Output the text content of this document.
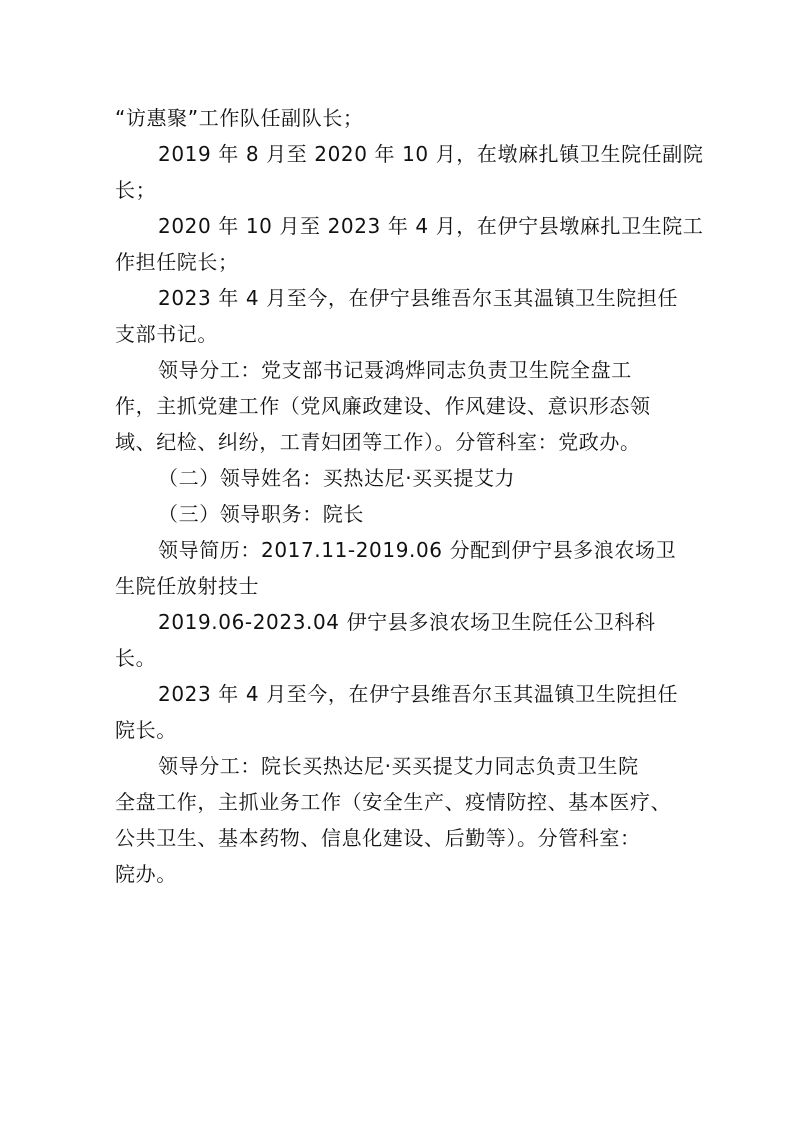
“访惠聚”工作队任副队长；
2019 年 8 月至 2020 年 10 月，在墩麻扎镇卫生院任副院
长；
2020 年 10 月至 2023 年 4 月，在伊宁县墩麻扎卫生院工
作担任院长；
2023 年 4 月至今，在伊宁县维吾尔玉其温镇卫生院担任
支部书记。
领导分工：党支部书记聂鸿烨同志负责卫生院全盘工
作，主抓党建工作（党风廉政建设、作风建设、意识形态领
域、纪检、纠纷，工青妇团等工作）。分管科室：党政办。
（二）领导姓名：买热达尼·买买提艾力
（三）领导职务：院长
领导简历：2017.11-2019.06 分配到伊宁县多浪农场卫
生院任放射技士
2019.06-2023.04 伊宁县多浪农场卫生院任公卫科科
长。
2023 年 4 月至今，在伊宁县维吾尔玉其温镇卫生院担任
院长。
领导分工：院长买热达尼·买买提艾力同志负责卫生院
全盘工作，主抓业务工作（安全生产、疫情防控、基本医疗、
公共卫生、基本药物、信息化建设、后勤等）。分管科室：
院办。
